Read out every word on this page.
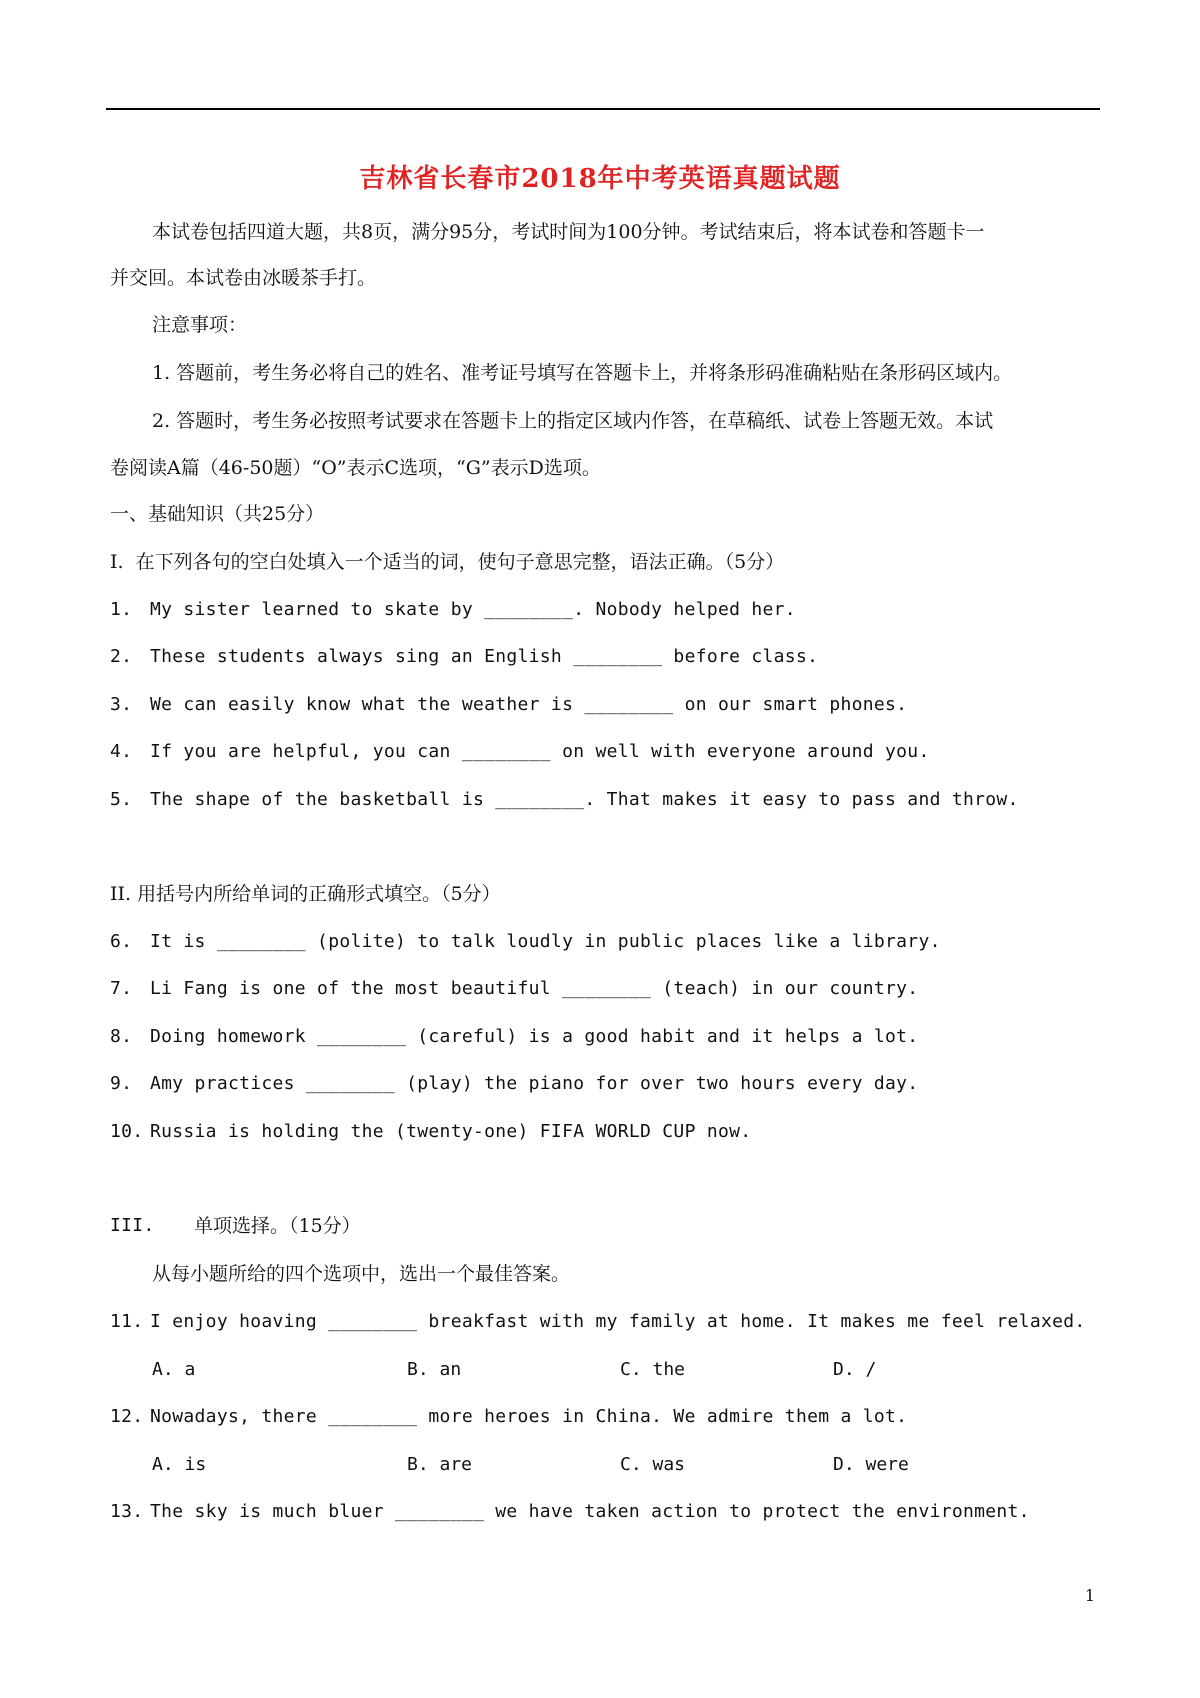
吉林省长春市2018年中考英语真题试题
本试卷包括四道大题，共8页，满分95分，考试时间为100分钟。考试结束后，将本试卷和答题卡一
并交回。本试卷由冰暖茶手打。
注意事项：
1. 答题前，考生务必将自己的姓名、准考证号填写在答题卡上，并将条形码准确粘贴在条形码区域内。
2. 答题时，考生务必按照考试要求在答题卡上的指定区域内作答，在草稿纸、试卷上答题无效。本试
卷阅读A篇（46-50题）“O”表示C选项，“G”表示D选项。
一、基础知识（共25分）
I.  在下列各句的空白处填入一个适当的词，使句子意思完整，语法正确。（5分）
1. My sister learned to skate by ________. Nobody helped her.
2. These students always sing an English ________ before class.
3. We can easily know what the weather is ________ on our smart phones.
4. If you are helpful, you can ________ on well with everyone around you.
5. The shape of the basketball is ________. That makes it easy to pass and throw.
II. 用括号内所给单词的正确形式填空。（5分）
6. It is ________ (polite) to talk loudly in public places like a library.
7. Li Fang is one of the most beautiful ________ (teach) in our country.
8. Doing homework ________ (careful) is a good habit and it helps a lot.
9. Amy practices ________ (play) the piano for over two hours every day.
10. Russia is holding the (twenty-one) FIFA WORLD CUP now.
III. 单项选择。（15分）
从每小题所给的四个选项中，选出一个最佳答案。
11. I enjoy hoaving ________ breakfast with my family at home. It makes me feel relaxed.
A. a	B. an	C. the	D. /
12. Nowadays, there ________ more heroes in China. We admire them a lot.
A. is	B. are	C. was	D. were
13. The sky is much bluer ________ we have taken action to protect the environment.
1
